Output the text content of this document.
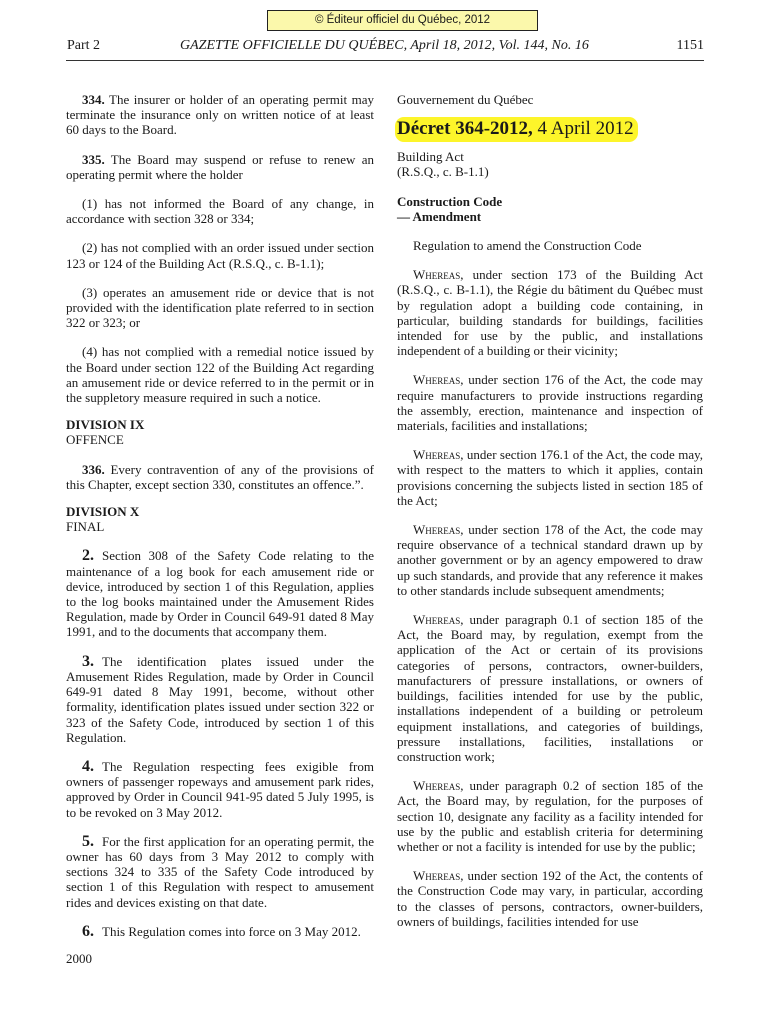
© Éditeur officiel du Québec, 2012
Part 2	GAZETTE OFFICIELLE DU QUÉBEC, April 18, 2012, Vol. 144, No. 16	1151

334. The insurer or holder of an operating permit may terminate the insurance only on written notice of at least 60 days to the Board.

335. The Board may suspend or refuse to renew an operating permit where the holder

(1) has not informed the Board of any change, in accordance with section 328 or 334;

(2) has not complied with an order issued under section 123 or 124 of the Building Act (R.S.Q., c. B-1.1);

(3) operates an amusement ride or device that is not provided with the identification plate referred to in section 322 or 323; or

(4) has not complied with a remedial notice issued by the Board under section 122 of the Building Act regarding an amusement ride or device referred to in the permit or in the suppletory measure required in such a notice.

DIVISION IX

OFFENCE

336. Every contravention of any of the provisions of this Chapter, except section 330, constitutes an offence.”.

DIVISION X

FINAL

2. Section 308 of the Safety Code relating to the maintenance of a log book for each amusement ride or device, introduced by section 1 of this Regulation, applies to the log books maintained under the Amusement Rides Regulation, made by Order in Council 649-91 dated 8 May 1991, and to the documents that accompany them.

3. The identification plates issued under the Amusement Rides Regulation, made by Order in Council 649-91 dated 8 May 1991, become, without other formality, identification plates issued under section 322 or 323 of the Safety Code, introduced by section 1 of this Regulation.

4. The Regulation respecting fees exigible from owners of passenger ropeways and amusement park rides, approved by Order in Council 941-95 dated 5 July 1995, is to be revoked on 3 May 2012.

5. For the first application for an operating permit, the owner has 60 days from 3 May 2012 to comply with sections 324 to 335 of the Safety Code introduced by section 1 of this Regulation with respect to amusement rides and devices existing on that date.

6. This Regulation comes into force on 3 May 2012.

2000

Gouvernement du Québec

Décret 364-2012, 4 April 2012

Building Act

(R.S.Q., c. B-1.1)

Construction Code

— Amendment

Regulation to amend the Construction Code

Whereas, under section 173 of the Building Act (R.S.Q., c. B-1.1), the Régie du bâtiment du Québec must by regulation adopt a building code containing, in particular, building standards for buildings, facilities intended for use by the public, and installations independent of a building or their vicinity;

Whereas, under section 176 of the Act, the code may require manufacturers to provide instructions regarding the assembly, erection, maintenance and inspection of materials, facilities and installations;

Whereas, under section 176.1 of the Act, the code may, with respect to the matters to which it applies, contain provisions concerning the subjects listed in section 185 of the Act;

Whereas, under section 178 of the Act, the code may require observance of a technical standard drawn up by another government or by an agency empowered to draw up such standards, and provide that any reference it makes to other standards include subsequent amendments;

Whereas, under paragraph 0.1 of section 185 of the Act, the Board may, by regulation, exempt from the application of the Act or certain of its provisions categories of persons, contractors, owner-builders, manufacturers of pressure installations, or owners of buildings, facilities intended for use by the public, installations independent of a building or petroleum equipment installations, and categories of buildings, pressure installations, facilities, installations or construction work;

Whereas, under paragraph 0.2 of section 185 of the Act, the Board may, by regulation, for the purposes of section 10, designate any facility as a facility intended for use by the public and establish criteria for determining whether or not a facility is intended for use by the public;

Whereas, under section 192 of the Act, the contents of the Construction Code may vary, in particular, according to the classes of persons, contractors, owner-builders, owners of buildings, facilities intended for use
